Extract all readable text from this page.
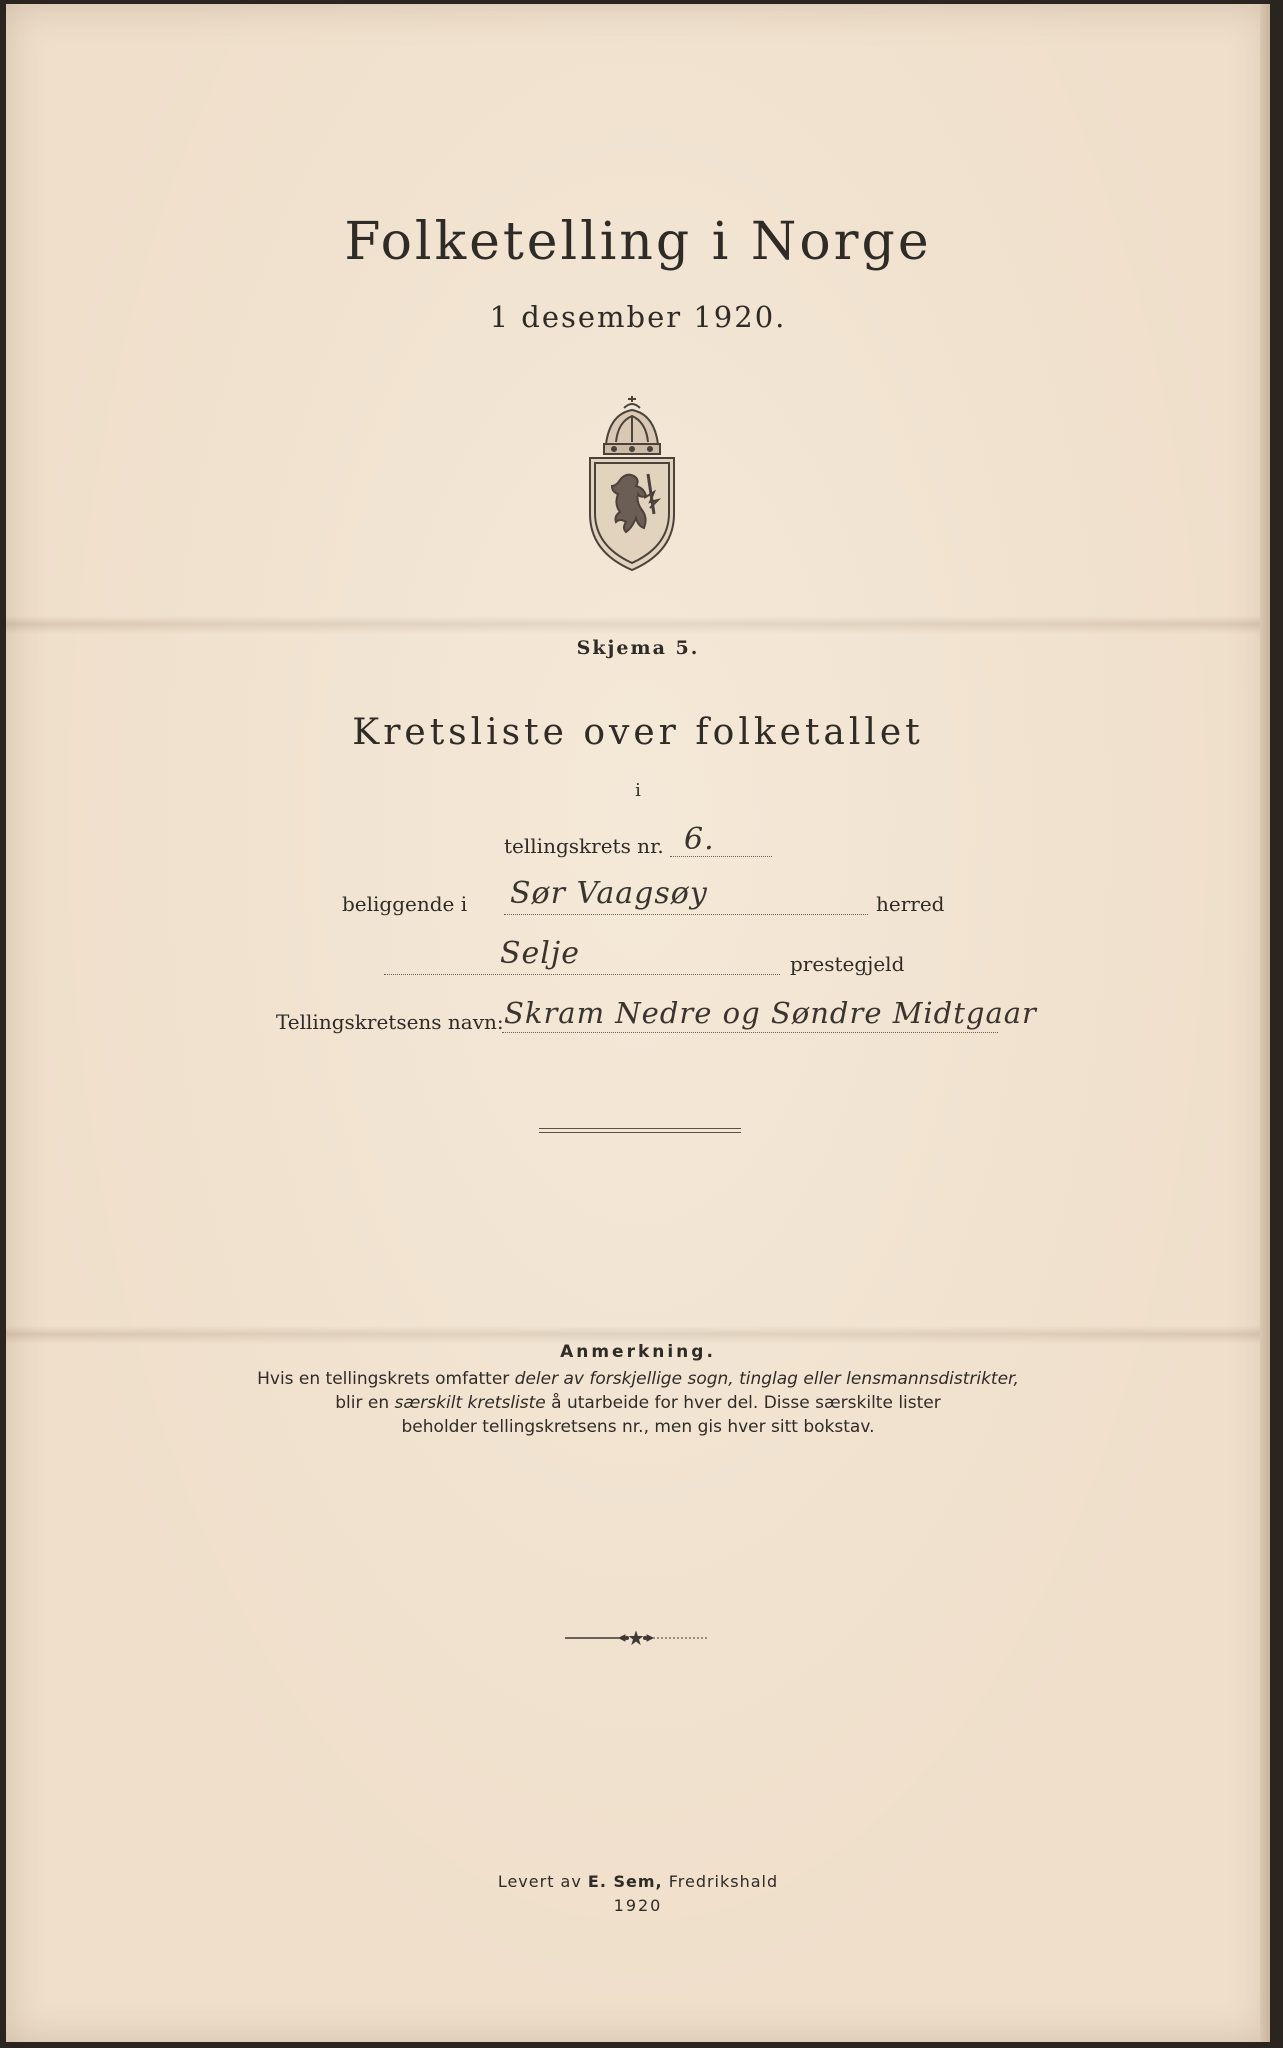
Folketelling i Norge
1 desember 1920.
Skjema 5.
Kretsliste over folketallet
i
tellingskrets nr. 6.
beliggende i Sør Vaagsøy	herred
Selje	prestegjeld
Tellingskretsens navn: Skram Nedre og Søndre Midtgaar
Anmerkning.
Hvis en tellingskrets omfatter deler av forskjellige sogn, tinglag eller lensmannsdistrikter,
blir en særskilt kretsliste å utarbeide for hver del. Disse særskilte lister
beholder tellingskretsens nr., men gis hver sitt bokstav.
Levert av E. Sem, Fredrikshald
1920
